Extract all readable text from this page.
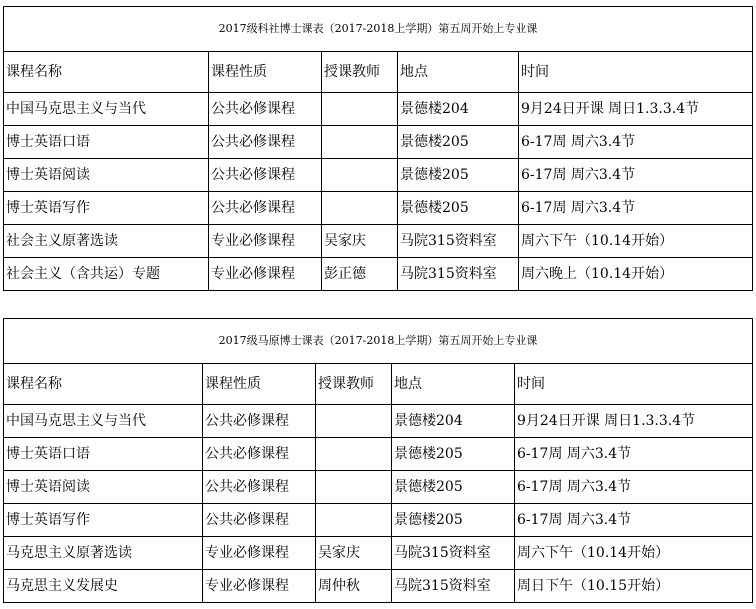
2017级科社博士课表（2017-2018上学期）第五周开始上专业课				
课程名称	课程性质	授课教师	地点	时间
中国马克思主义与当代	公共必修课程		景德楼204	9月24日开课 周日1.3.3.4节
博士英语口语	公共必修课程		景德楼205	6-17周 周六3.4节
博士英语阅读	公共必修课程		景德楼205	6-17周 周六3.4节
博士英语写作	公共必修课程		景德楼205	6-17周 周六3.4节
社会主义原著选读	专业必修课程	吴家庆	马院315资料室	周六下午（10.14开始）
社会主义（含共运）专题	专业必修课程	彭正德	马院315资料室	周六晚上（10.14开始）
2017级马原博士课表（2017-2018上学期）第五周开始上专业课				
课程名称	课程性质	授课教师	地点	时间
中国马克思主义与当代	公共必修课程		景德楼204	9月24日开课 周日1.3.3.4节
博士英语口语	公共必修课程		景德楼205	6-17周 周六3.4节
博士英语阅读	公共必修课程		景德楼205	6-17周 周六3.4节
博士英语写作	公共必修课程		景德楼205	6-17周 周六3.4节
马克思主义原著选读	专业必修课程	吴家庆	马院315资料室	周六下午（10.14开始）
马克思主义发展史	专业必修课程	周仲秋	马院315资料室	周日下午（10.15开始）
